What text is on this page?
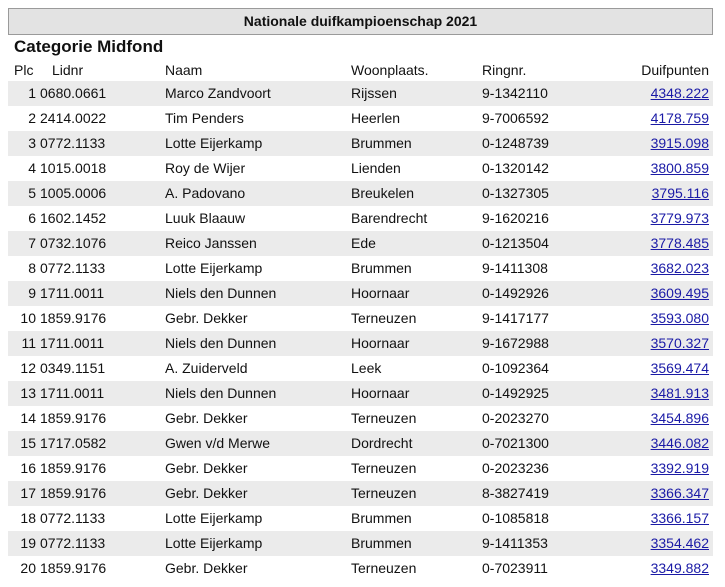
Nationale duifkampioenschap 2021
Categorie Midfond
Plc Lidnr	Naam	Woonplaats.	Ringnr.	Duifpunten
1 0680.0661	Marco Zandvoort	Rijssen	9-1342110	4348.222
2 2414.0022	Tim Penders	Heerlen	9-7006592	4178.759
3 0772.1133	Lotte Eijerkamp	Brummen	0-1248739	3915.098
4 1015.0018	Roy de Wijer	Lienden	0-1320142	3800.859
5 1005.0006	A. Padovano	Breukelen	0-1327305	3795.116
6 1602.1452	Luuk Blaauw	Barendrecht	9-1620216	3779.973
7 0732.1076	Reico Janssen	Ede	0-1213504	3778.485
8 0772.1133	Lotte Eijerkamp	Brummen	9-1411308	3682.023
9 1711.0011	Niels den Dunnen	Hoornaar	0-1492926	3609.495
10 1859.9176	Gebr. Dekker	Terneuzen	9-1417177	3593.080
11 1711.0011	Niels den Dunnen	Hoornaar	9-1672988	3570.327
12 0349.1151	A. Zuiderveld	Leek	0-1092364	3569.474
13 1711.0011	Niels den Dunnen	Hoornaar	0-1492925	3481.913
14 1859.9176	Gebr. Dekker	Terneuzen	0-2023270	3454.896
15 1717.0582	Gwen v/d Merwe	Dordrecht	0-7021300	3446.082
16 1859.9176	Gebr. Dekker	Terneuzen	0-2023236	3392.919
17 1859.9176	Gebr. Dekker	Terneuzen	8-3827419	3366.347
18 0772.1133	Lotte Eijerkamp	Brummen	0-1085818	3366.157
19 0772.1133	Lotte Eijerkamp	Brummen	9-1411353	3354.462
20 1859.9176	Gebr. Dekker	Terneuzen	0-7023911	3349.882
